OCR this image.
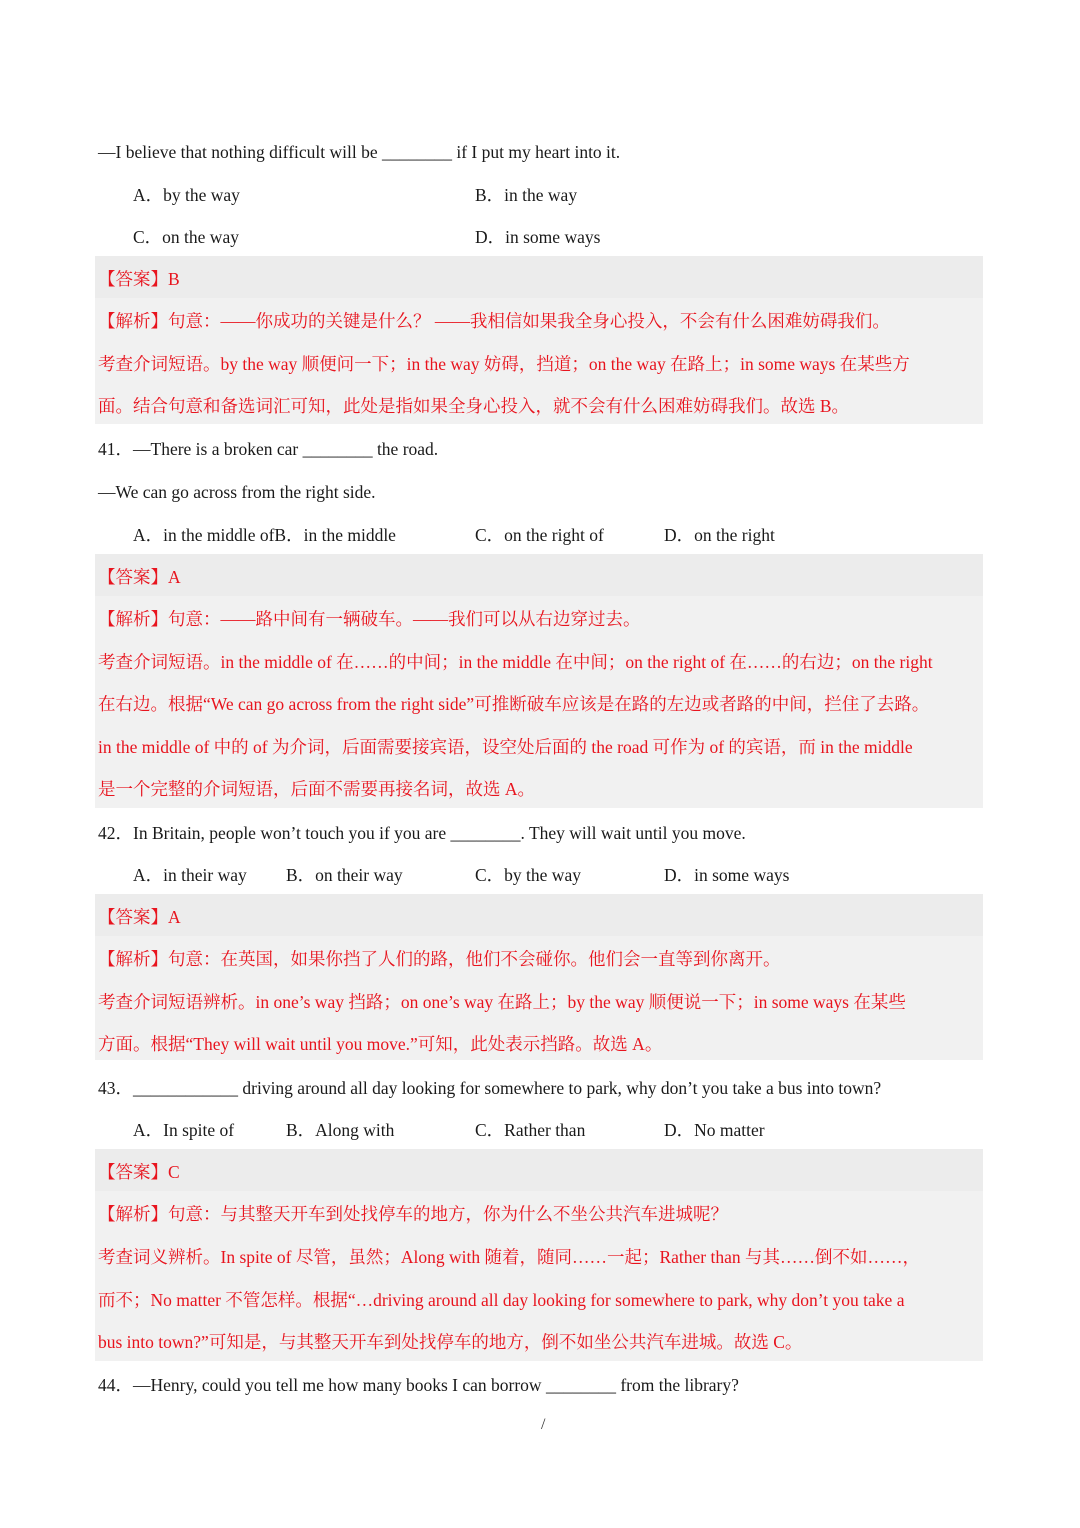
—I believe that nothing difficult will be ________ if I put my heart into it.
A．by the way	B．in the way
C．on the way	D．in some ways
【答案】B
【解析】句意：——你成功的关键是什么？ ——我相信如果我全身心投入，不会有什么困难妨碍我们。
考查介词短语。by the way 顺便问一下；in the way 妨碍，挡道；on the way 在路上；in some ways 在某些方
面。结合句意和备选词汇可知，此处是指如果全身心投入，就不会有什么困难妨碍我们。故选 B。
41．—There is a broken car ________ the road.
—We can go across from the right side.
A．in the middle ofB．in the middle	C．on the right of	D．on the right
【答案】A
【解析】句意：——路中间有一辆破车。——我们可以从右边穿过去。
考查介词短语。in the middle of 在……的中间；in the middle 在中间；on the right of 在……的右边；on the right
在右边。根据“We can go across from the right side”可推断破车应该是在路的左边或者路的中间，拦住了去路。
in the middle of 中的 of 为介词，后面需要接宾语，设空处后面的 the road 可作为 of 的宾语，而 in the middle
是一个完整的介词短语，后面不需要再接名词，故选 A。
42．In Britain, people won’t touch you if you are ________. They will wait until you move.
A．in their way B．on their way	C．by the way	D．in some ways
【答案】A
【解析】句意：在英国，如果你挡了人们的路，他们不会碰你。他们会一直等到你离开。
考查介词短语辨析。in one’s way 挡路；on one’s way 在路上；by the way 顺便说一下；in some ways 在某些
方面。根据“They will wait until you move.”可知，此处表示挡路。故选 A。
43．____________ driving around all day looking for somewhere to park, why don’t you take a bus into town?
A．In spite of	B．Along with	C．Rather than	D．No matter
【答案】C
【解析】句意：与其整天开车到处找停车的地方，你为什么不坐公共汽车进城呢？
考查词义辨析。In spite of 尽管，虽然；Along with 随着，随同……一起；Rather than 与其……倒不如……，
而不；No matter 不管怎样。根据“…driving around all day looking for somewhere to park, why don’t you take a
bus into town?”可知是，与其整天开车到处找停车的地方，倒不如坐公共汽车进城。故选 C。
44．—Henry, could you tell me how many books I can borrow ________ from the library?
/
